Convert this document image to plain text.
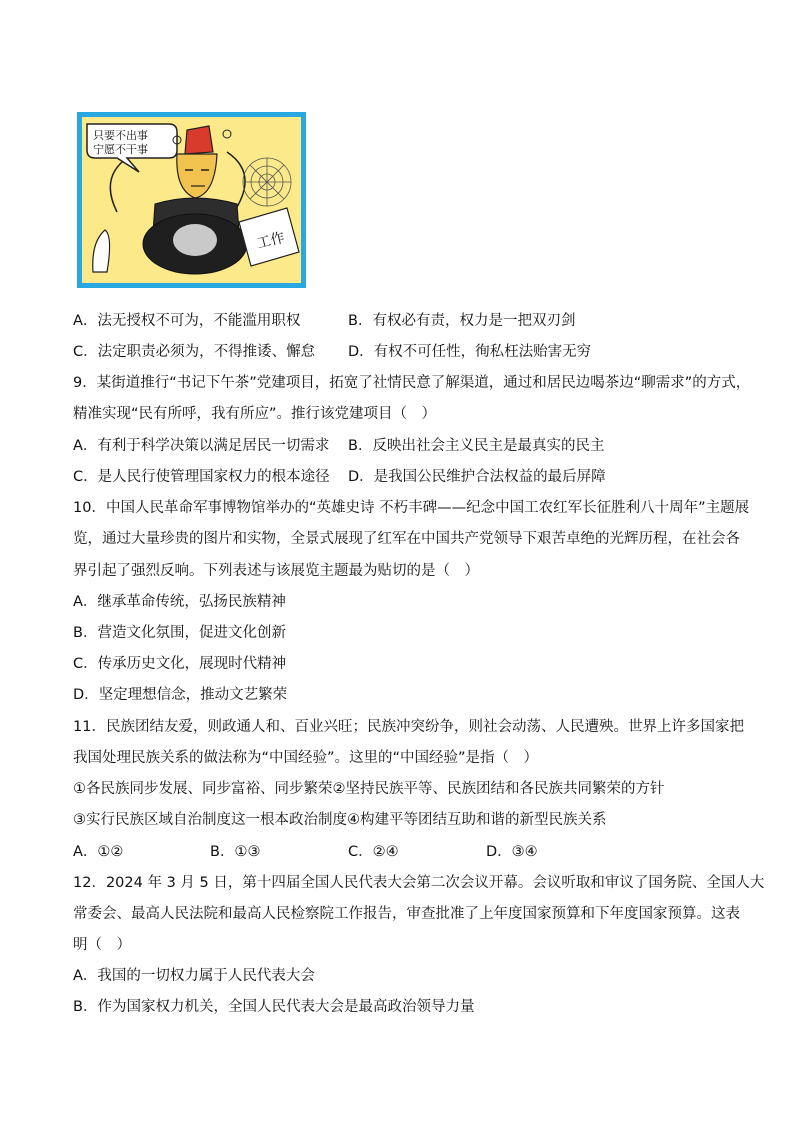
只要不出事
宁愿不干事
工作
A．法无授权不可为，不能滥用职权	B．有权必有责，权力是一把双刃剑
C．法定职责必须为，不得推诿、懈怠 D．有权不可任性，徇私枉法贻害无穷
9．某街道推行“书记下午茶”党建项目，拓宽了社情民意了解渠道，通过和居民边喝茶边“聊需求”的方式，
精准实现“民有所呼，我有所应”。推行该党建项目（　）
A．有利于科学决策以满足居民一切需求 B．反映出社会主义民主是最真实的民主
C．是人民行使管理国家权力的根本途径 D．是我国公民维护合法权益的最后屏障
10．中国人民革命军事博物馆举办的“英雄史诗 不朽丰碑——纪念中国工农红军长征胜利八十周年”主题展
览，通过大量珍贵的图片和实物，全景式展现了红军在中国共产党领导下艰苦卓绝的光辉历程，在社会各
界引起了强烈反响。下列表述与该展览主题最为贴切的是（　）
A．继承革命传统，弘扬民族精神
B．营造文化氛围，促进文化创新
C．传承历史文化，展现时代精神
D．坚定理想信念，推动文艺繁荣
11．民族团结友爱，则政通人和、百业兴旺；民族冲突纷争，则社会动荡、人民遭殃。世界上许多国家把
我国处理民族关系的做法称为“中国经验”。这里的“中国经验”是指（　）
①各民族同步发展、同步富裕、同步繁荣②坚持民族平等、民族团结和各民族共同繁荣的方针
③实行民族区域自治制度这一根本政治制度④构建平等团结互助和谐的新型民族关系
A．①②	B．①③	C．②④	D．③④
12．2024 年 3 月 5 日，第十四届全国人民代表大会第二次会议开幕。会议听取和审议了国务院、全国人大
常委会、最高人民法院和最高人民检察院工作报告，审查批准了上年度国家预算和下年度国家预算。这表
明（　）
A．我国的一切权力属于人民代表大会
B．作为国家权力机关，全国人民代表大会是最高政治领导力量
